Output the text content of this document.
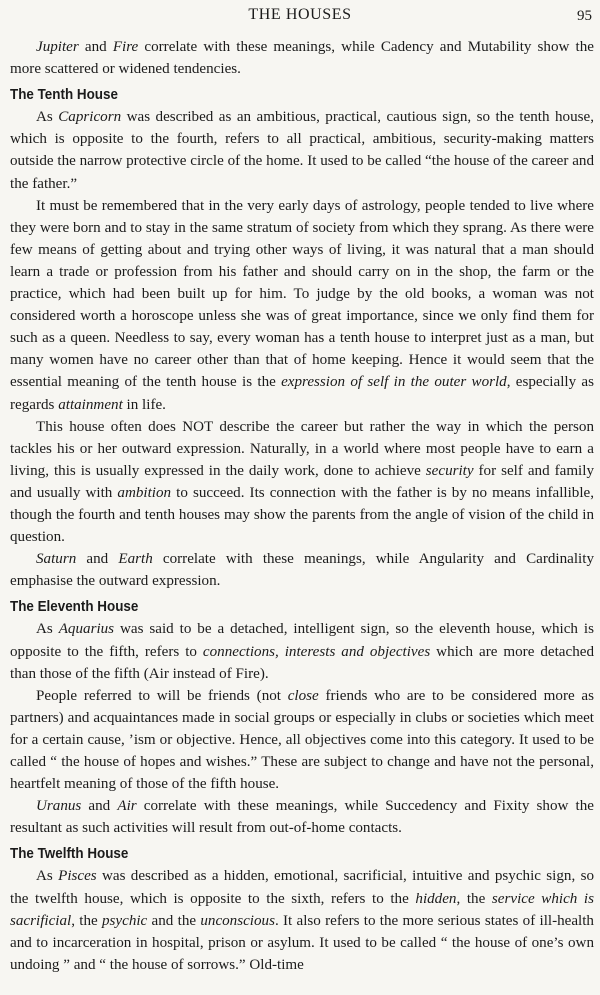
THE HOUSES	95

Jupiter and Fire correlate with these meanings, while Cadency and Mutability show the more scattered or widened tendencies.

The Tenth House

As Capricorn was described as an ambitious, practical, cautious sign, so the tenth house, which is opposite to the fourth, refers to all practical, ambitious, security-making matters outside the narrow protective circle of the home. It used to be called “the house of the career and the father.”

It must be remembered that in the very early days of astrology, people tended to live where they were born and to stay in the same stratum of society from which they sprang. As there were few means of getting about and trying other ways of living, it was natural that a man should learn a trade or profession from his father and should carry on in the shop, the farm or the practice, which had been built up for him. To judge by the old books, a woman was not considered worth a horoscope unless she was of great importance, since we only find them for such as a queen. Needless to say, every woman has a tenth house to interpret just as a man, but many women have no career other than that of home keeping. Hence it would seem that the essential meaning of the tenth house is the expression of self in the outer world, especially as regards attainment in life.

This house often does NOT describe the career but rather the way in which the person tackles his or her outward expression. Naturally, in a world where most people have to earn a living, this is usually expressed in the daily work, done to achieve security for self and family and usually with ambition to succeed. Its connection with the father is by no means infallible, though the fourth and tenth houses may show the parents from the angle of vision of the child in question.

Saturn and Earth correlate with these meanings, while Angularity and Cardinality emphasise the outward expression.

The Eleventh House

As Aquarius was said to be a detached, intelligent sign, so the eleventh house, which is opposite to the fifth, refers to connections, interests and objectives which are more detached than those of the fifth (Air instead of Fire).

People referred to will be friends (not close friends who are to be considered more as partners) and acquaintances made in social groups or especially in clubs or societies which meet for a certain cause, ’ism or objective. Hence, all objectives come into this category. It used to be called “ the house of hopes and wishes.” These are subject to change and have not the personal, heartfelt meaning of those of the fifth house.

Uranus and Air correlate with these meanings, while Succedency and Fixity show the resultant as such activities will result from out-of-home contacts.

The Twelfth House

As Pisces was described as a hidden, emotional, sacrificial, intuitive and psychic sign, so the twelfth house, which is opposite to the sixth, refers to the hidden, the service which is sacrificial, the psychic and the unconscious. It also refers to the more serious states of ill-health and to incarceration in hospital, prison or asylum. It used to be called “ the house of one’s own undoing ” and “ the house of sorrows.” Old-time
